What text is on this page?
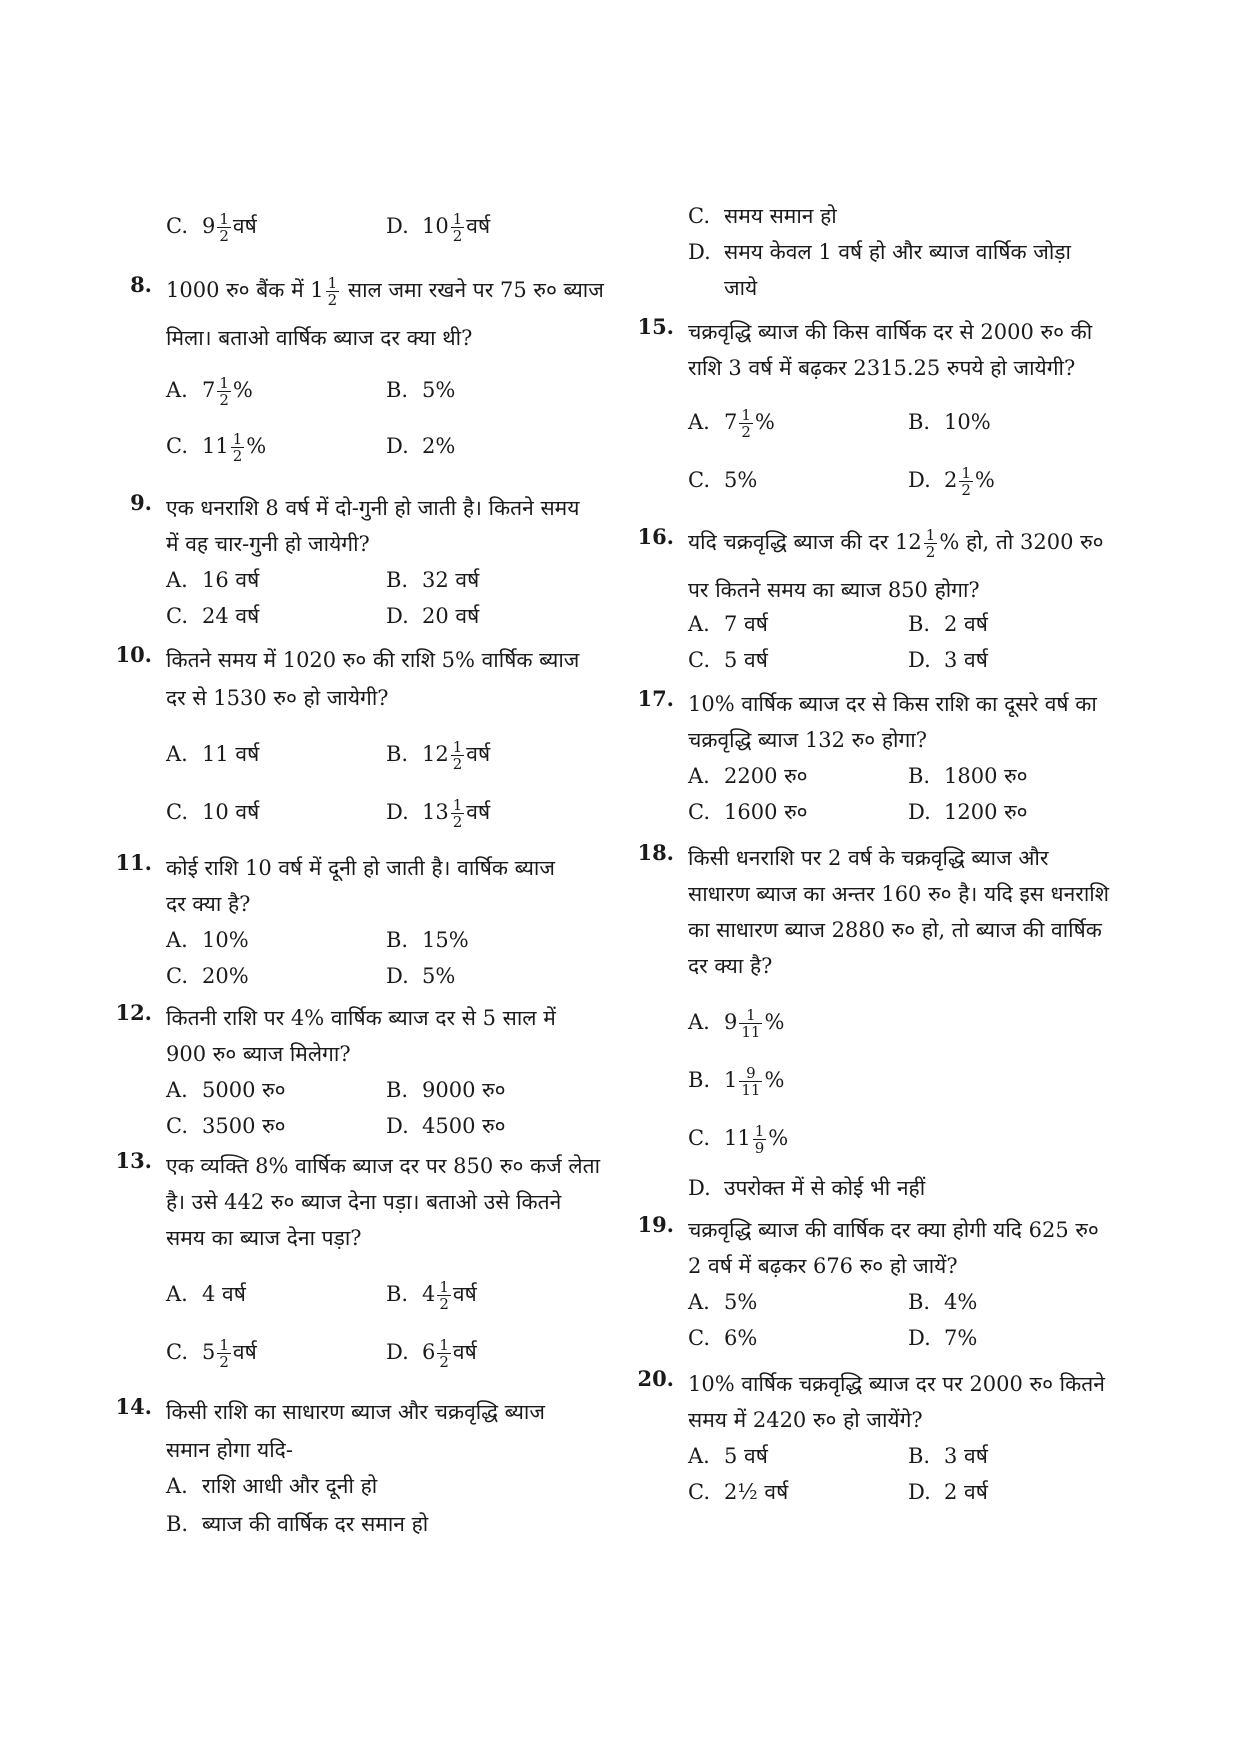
C. $9 \frac{1}{2}$ वर्ष	D. $10 \frac{1}{2}$ वर्ष
8. 1000 रु० बैंक में $1 \frac{1}{2}$ साल जमा रखने पर 75 रु० ब्याज
मिला। बताओ वार्षिक ब्याज दर क्या थी?
A. $7 \frac{1}{2}$ %	B. 5%
C. $11 \frac{1}{2}$ %	D. 2%
9. एक धनराशि 8 वर्ष में दो-गुनी हो जाती है। कितने समय
में वह चार-गुनी हो जायेगी?
A. 16 वर्ष	B. 32 वर्ष
C. 24 वर्ष	D. 20 वर्ष
10. कितने समय में 1020 रु० की राशि 5% वार्षिक ब्याज
दर से 1530 रु० हो जायेगी?
A. 11 वर्ष	B. $12 \frac{1}{2}$ वर्ष
C. 10 वर्ष	D. $13 \frac{1}{2}$ वर्ष
11. कोई राशि 10 वर्ष में दूनी हो जाती है। वार्षिक ब्याज
दर क्या है?
A. 10%	B. 15%
C. 20%	D. 5%
12. कितनी राशि पर 4% वार्षिक ब्याज दर से 5 साल में
900 रु० ब्याज मिलेगा?
A. 5000 रु०	B. 9000 रु०
C. 3500 रु०	D. 4500 रु०
13. एक व्यक्ति 8% वार्षिक ब्याज दर पर 850 रु० कर्ज लेता
है। उसे 442 रु० ब्याज देना पड़ा। बताओ उसे कितने
समय का ब्याज देना पड़ा?
A. 4 वर्ष	B. $4 \frac{1}{2}$ वर्ष
C. $5 \frac{1}{2}$ वर्ष	D. $6 \frac{1}{2}$ वर्ष
14. किसी राशि का साधारण ब्याज और चक्रवृद्धि ब्याज
समान होगा यदि-
A. राशि आधी और दूनी हो
B. ब्याज की वार्षिक दर समान हो
C. समय समान हो
D. समय केवल 1 वर्ष हो और ब्याज वार्षिक जोड़ा
जाये
15. चक्रवृद्धि ब्याज की किस वार्षिक दर से 2000 रु० की
राशि 3 वर्ष में बढ़कर 2315.25 रुपये हो जायेगी?
A. $7 \frac{1}{2}$ %	B. 10%
C. 5%	D. $2 \frac{1}{2}$ %
16. यदि चक्रवृद्धि ब्याज की दर $12 \frac{1}{2}$ % हो, तो 3200 रु०
पर कितने समय का ब्याज 850 होगा?
A. 7 वर्ष	B. 2 वर्ष
C. 5 वर्ष	D. 3 वर्ष
17. 10% वार्षिक ब्याज दर से किस राशि का दूसरे वर्ष का
चक्रवृद्धि ब्याज 132 रु० होगा?
A. 2200 रु०	B. 1800 रु०
C. 1600 रु०	D. 1200 रु०
18. किसी धनराशि पर 2 वर्ष के चक्रवृद्धि ब्याज और
साधारण ब्याज का अन्तर 160 रु० है। यदि इस धनराशि
का साधारण ब्याज 2880 रु० हो, तो ब्याज की वार्षिक
दर क्या है?
A. $9 \frac{1}{11}$ %
B. $1 \frac{9}{11}$ %
C. $11 \frac{1}{9}$ %
D. उपरोक्त में से कोई भी नहीं
19. चक्रवृद्धि ब्याज की वार्षिक दर क्या होगी यदि 625 रु०
2 वर्ष में बढ़कर 676 रु० हो जायें?
A. 5%	B. 4%
C. 6%	D. 7%
20. 10% वार्षिक चक्रवृद्धि ब्याज दर पर 2000 रु० कितने
समय में 2420 रु० हो जायेंगे?
A. 5 वर्ष	B. 3 वर्ष
C. 2½ वर्ष	D. 2 वर्ष
